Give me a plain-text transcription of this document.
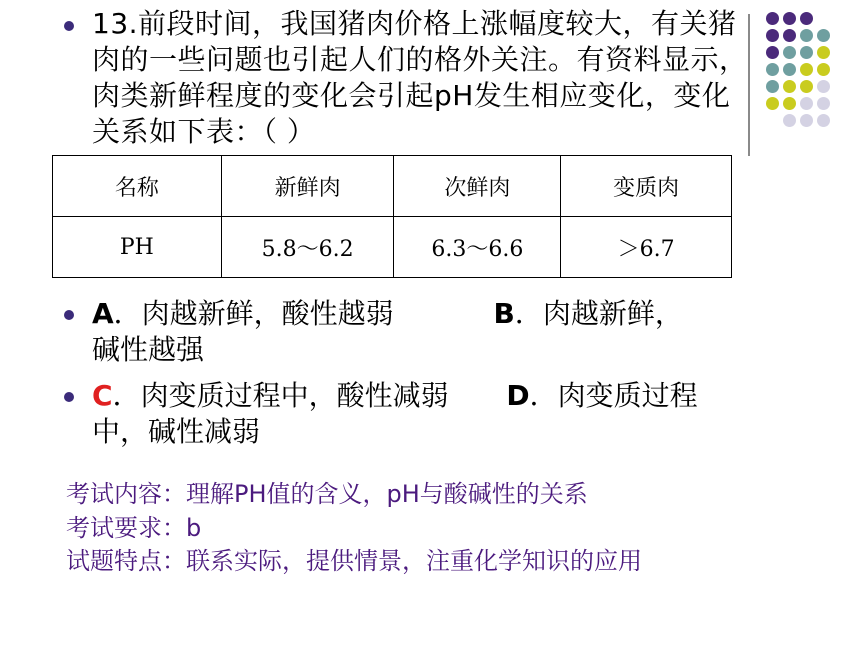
13.前段时间，我国猪肉价格上涨幅度较大，有关猪肉的一些问题也引起人们的格外关注。有资料显示，肉类新鲜程度的变化会引起pH发生相应变化，变化关系如下表：（ ）
名称	新鲜肉	次鲜肉	变质肉
PH	5.8～6.2	6.3～6.6	＞6.7
A．肉越新鲜，酸性越弱	B．肉越新鲜，
碱性越强
C．肉变质过程中，酸性减弱 D．肉变质过程
中，碱性减弱
考试内容：理解PH值的含义，pH与酸碱性的关系
考试要求：b
试题特点：联系实际，提供情景，注重化学知识的应用
